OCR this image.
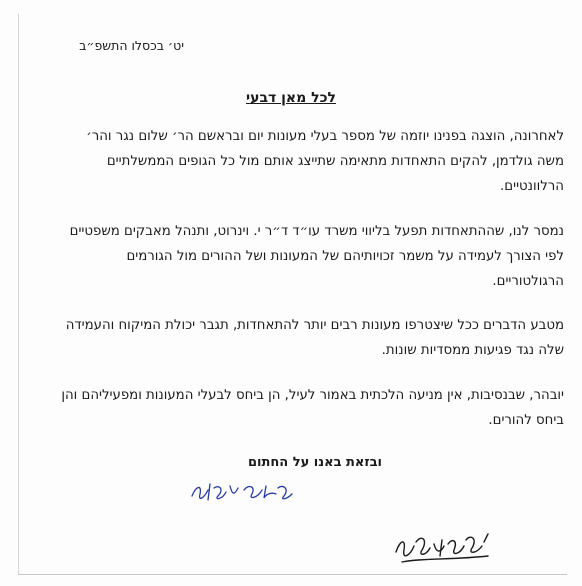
יט׳ בכסלו התשפ״ב
לכל מאן דבעי
לאחרונה, הוצגה בפנינו יוזמה של מספר בעלי מעונות יום ובראשם הר׳ שלום נגר והר׳ משה גולדמן, להקים התאחדות מתאימה שתייצג אותם מול כל הגופים הממשלתיים הרלוונטיים.
נמסר לנו, שההתאחדות תפעל בליווי משרד עו״ד ד״ר י. וינרוט, ותנהל מאבקים משפטיים לפי הצורך לעמידה על משמר זכויותיהם של המעונות ושל ההורים מול הגורמים הרגולטוריים.
מטבע הדברים ככל שיצטרפו מעונות רבים יותר להתאחדות, תגבר יכולת המיקוח והעמידה שלה נגד פגיעות ממסדיות שונות.
יובהר, שבנסיבות, אין מניעה הלכתית באמור לעיל, הן ביחס לבעלי המעונות ומפעיליהם והן ביחס להורים.
ובזאת באנו על החתום
